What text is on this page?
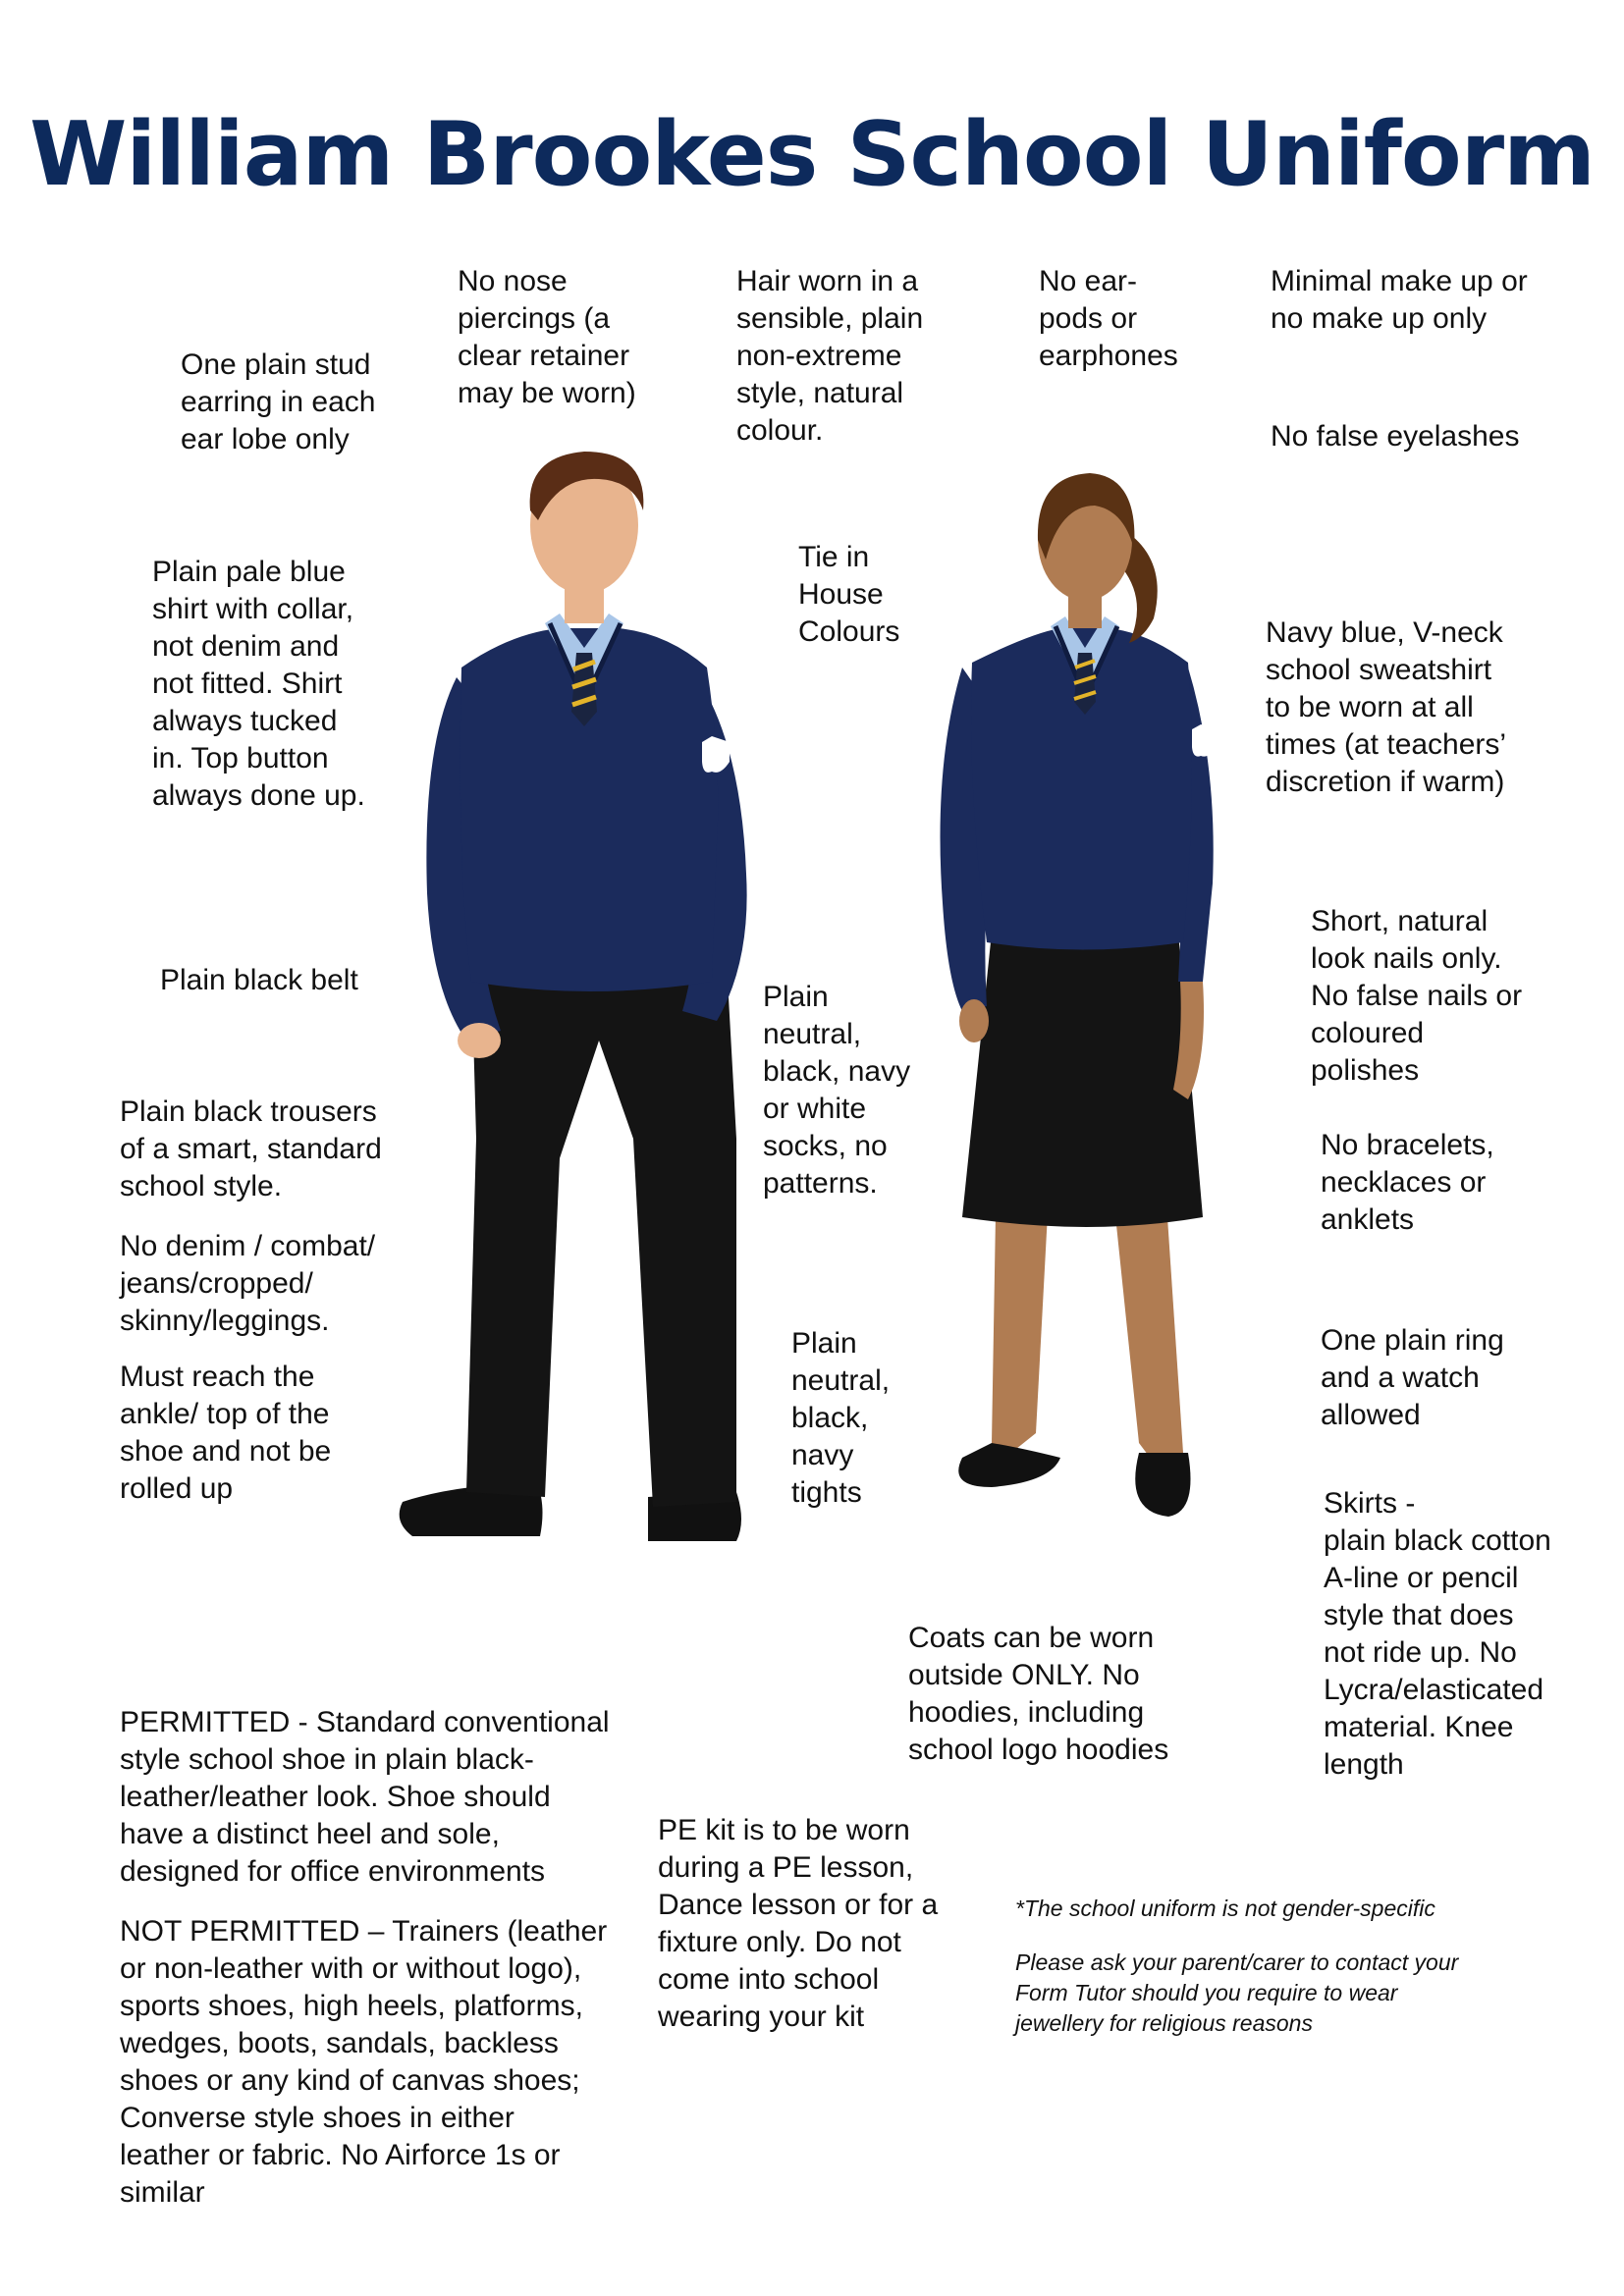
William Brookes School Uniform

One plain stud
earring in each
ear lobe only

No nose
piercings (a
clear retainer
may be worn)

Hair worn in a
sensible, plain
non-extreme
style, natural
colour.

No ear-
pods or
earphones

Minimal make up or
no make up only

No false eyelashes

Plain pale blue
shirt with collar,
not denim and
not fitted. Shirt
always tucked
in. Top button
always done up.

Tie in
House
Colours	Navy blue, V-neck
school sweatshirt
to be worn at all
times (at teachers’
discretion if warm)

Plain black belt

Plain
neutral,
black, navy
or white
socks, no
patterns.

Short, natural
look nails only.
No false nails or
coloured
polishes

Plain black trousers
of a smart, standard
school style.

No bracelets,
necklaces or
anklets

No denim / combat/
jeans/cropped/
skinny/leggings.

Must reach the
ankle/ top of the
shoe and not be
rolled up

Plain
neutral,
black,
navy
tights

One plain ring
and a watch
allowed

Skirts -
plain black cotton
A-line or pencil
style that does
not ride up. No
Lycra/elasticated
material. Knee
length

Coats can be worn
outside ONLY. No
hoodies, including
school logo hoodies

PERMITTED - Standard conventional
style school shoe in plain black-
leather/leather look. Shoe should
have a distinct heel and sole,
designed for office environments

PE kit is to be worn
during a PE lesson,
Dance lesson or for a
fixture only. Do not
come into school
wearing your kit

NOT PERMITTED – Trainers (leather
or non-leather with or without logo),
sports shoes, high heels, platforms,
wedges, boots, sandals, backless
shoes or any kind of canvas shoes;
Converse style shoes in either
leather or fabric. No Airforce 1s or
similar

*The school uniform is not gender-specific

Please ask your parent/carer to contact your
Form Tutor should you require to wear
jewellery for religious reasons
